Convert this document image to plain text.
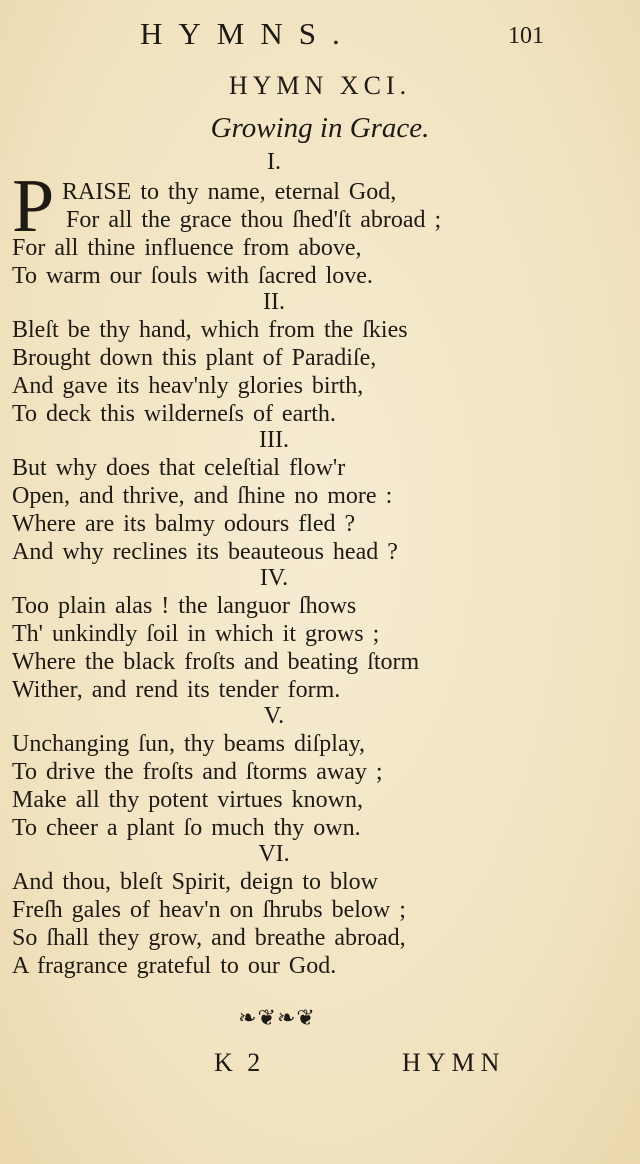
HYMNS.	101
HYMN XCI.
Growing in Grace.
I.
P RAISE to thy name, eternal God,
For all the grace thou ſhed'ſt abroad ;
For all thine influence from above,
To warm our ſouls with ſacred love.
II.
Bleſt be thy hand, which from the ſkies
Brought down this plant of Paradiſe,
And gave its heav'nly glories birth,
To deck this wilderneſs of earth.
III.
But why does that celeſtial flow'r
Open, and thrive, and ſhine no more :
Where are its balmy odours fled ?
And why reclines its beauteous head ?
IV.
Too plain alas ! the languor ſhows
Th' unkindly ſoil in which it grows ;
Where the black froſts and beating ſtorm
Wither, and rend its tender form.
V.
Unchanging ſun, thy beams diſplay,
To drive the froſts and ſtorms away ;
Make all thy potent virtues known,
To cheer a plant ſo much thy own.
VI.
And thou, bleſt Spirit, deign to blow
Freſh gales of heav'n on ſhrubs below ;
So ſhall they grow, and breathe abroad,
A fragrance grateful to our God.
❧❦❧❦
K 2	HYMN
